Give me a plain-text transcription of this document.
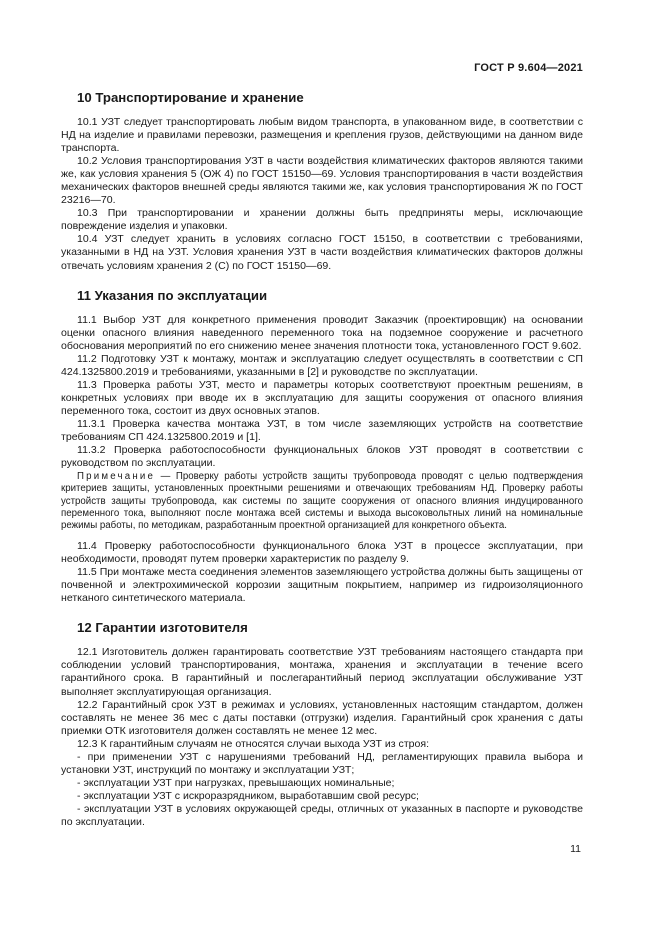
ГОСТ Р 9.604—2021
10 Транспортирование и хранение

10.1 УЗТ следует транспортировать любым видом транспорта, в упакованном виде, в соответствии с НД на изделие и правилами перевозки, размещения и крепления грузов, действующими на данном виде транспорта.

10.2 Условия транспортирования УЗТ в части воздействия климатических факторов являются такими же, как условия хранения 5 (ОЖ 4) по ГОСТ 15150—69. Условия транспортирования в части воздействия механических факторов внешней среды являются такими же, как условия транспортирования Ж по ГОСТ 23216—70.

10.3 При транспортировании и хранении должны быть предприняты меры, исключающие повреждение изделия и упаковки.

10.4 УЗТ следует хранить в условиях согласно ГОСТ 15150, в соответствии с требованиями, указанными в НД на УЗТ. Условия хранения УЗТ в части воздействия климатических факторов должны отвечать условиям хранения 2 (С) по ГОСТ 15150—69.

11 Указания по эксплуатации

11.1 Выбор УЗТ для конкретного применения проводит Заказчик (проектировщик) на основании оценки опасного влияния наведенного переменного тока на подземное сооружение и расчетного обоснования мероприятий по его снижению менее значения плотности тока, установленного ГОСТ 9.602.

11.2 Подготовку УЗТ к монтажу, монтаж и эксплуатацию следует осуществлять в соответствии с СП 424.1325800.2019 и требованиями, указанными в [2] и руководстве по эксплуатации.

11.3 Проверка работы УЗТ, место и параметры которых соответствуют проектным решениям, в конкретных условиях при вводе их в эксплуатацию для защиты сооружения от опасного влияния переменного тока, состоит из двух основных этапов.

11.3.1 Проверка качества монтажа УЗТ, в том числе заземляющих устройств на соответствие требованиям СП 424.1325800.2019 и [1].

11.3.2 Проверка работоспособности функциональных блоков УЗТ проводят в соответствии с руководством по эксплуатации.

Примечание — Проверку работы устройств защиты трубопровода проводят с целью подтверждения критериев защиты, установленных проектными решениями и отвечающих требованиям НД. Проверку работы устройств защиты трубопровода, как системы по защите сооружения от опасного влияния индуцированного переменного тока, выполняют после монтажа всей системы и выхода высоковольтных линий на номинальные режимы работы, по методикам, разработанным проектной организацией для конкретного объекта.

11.4 Проверку работоспособности функционального блока УЗТ в процессе эксплуатации, при необходимости, проводят путем проверки характеристик по разделу 9.

11.5 При монтаже места соединения элементов заземляющего устройства должны быть защищены от почвенной и электрохимической коррозии защитным покрытием, например из гидроизоляционного нетканого синтетического материала.

12 Гарантии изготовителя

12.1 Изготовитель должен гарантировать соответствие УЗТ требованиям настоящего стандарта при соблюдении условий транспортирования, монтажа, хранения и эксплуатации в течение всего гарантийного срока. В гарантийный и послегарантийный период эксплуатации обслуживание УЗТ выполняет эксплуатирующая организация.

12.2 Гарантийный срок УЗТ в режимах и условиях, установленных настоящим стандартом, должен составлять не менее 36 мес с даты поставки (отгрузки) изделия. Гарантийный срок хранения с даты приемки ОТК изготовителя должен составлять не менее 12 мес.

12.3 К гарантийным случаям не относятся случаи выхода УЗТ из строя:

- при применении УЗТ с нарушениями требований НД, регламентирующих правила выбора и установки УЗТ, инструкций по монтажу и эксплуатации УЗТ;

- эксплуатации УЗТ при нагрузках, превышающих номинальные;

- эксплуатации УЗТ с искроразрядником, выработавшим свой ресурс;

- эксплуатации УЗТ в условиях окружающей среды, отличных от указанных в паспорте и руководстве по эксплуатации.

11
